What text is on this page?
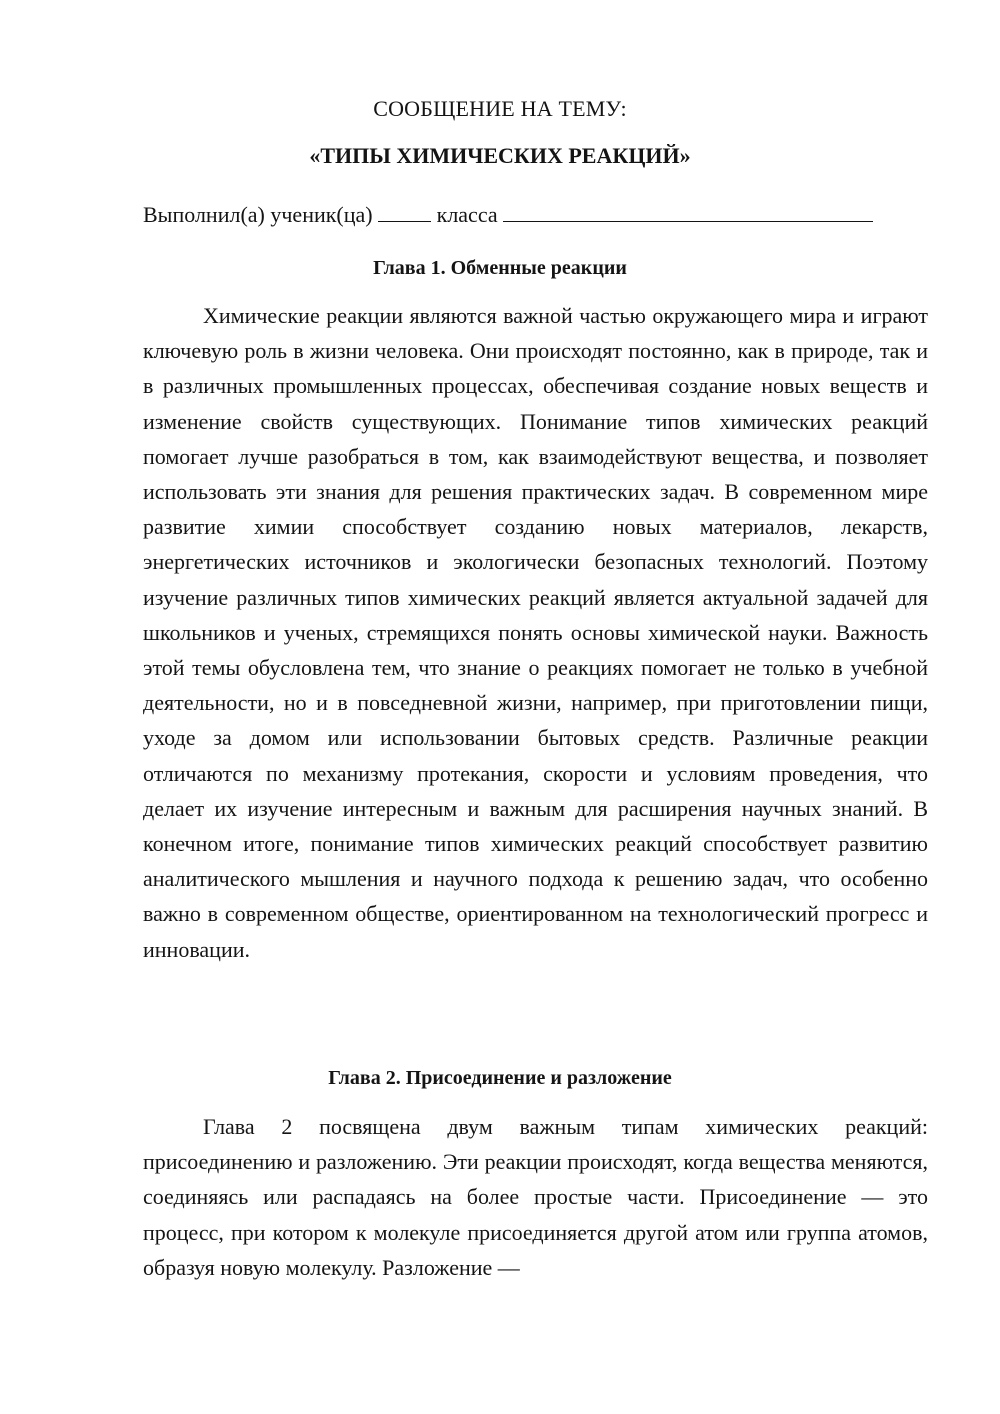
СООБЩЕНИЕ НА ТЕМУ:
«ТИПЫ ХИМИЧЕСКИХ РЕАКЦИЙ»
Выполнил(а) ученик(ца)	класса
Глава 1. Обменные реакции

Химические реакции являются важной частью окружающего мира и играют ключевую роль в жизни человека. Они происходят постоянно, как в природе, так и в различных промышленных процессах, обеспечивая создание новых веществ и изменение свойств существующих. Понимание типов химических реакций помогает лучше разобраться в том, как взаимодействуют вещества, и позволяет использовать эти знания для решения практических задач. В современном мире развитие химии способствует созданию новых материалов, лекарств, энергетических источников и экологически безопасных технологий. Поэтому изучение различных типов химических реакций является актуальной задачей для школьников и ученых, стремящихся понять основы химической науки. Важность этой темы обусловлена тем, что знание о реакциях помогает не только в учебной деятельности, но и в повседневной жизни, например, при приготовлении пищи, уходе за домом или использовании бытовых средств. Различные реакции отличаются по механизму протекания, скорости и условиям проведения, что делает их изучение интересным и важным для расширения научных знаний. В конечном итоге, понимание типов химических реакций способствует развитию аналитического мышления и научного подхода к решению задач, что особенно важно в современном обществе, ориентированном на технологический прогресс и инновации.

Глава 2. Присоединение и разложение

Глава 2 посвящена двум важным типам химических реакций: присоединению и разложению. Эти реакции происходят, когда вещества меняются, соединяясь или распадаясь на более простые части. Присоединение — это процесс, при котором к молекуле присоединяется другой атом или группа атомов, образуя новую молекулу. Разложение —
